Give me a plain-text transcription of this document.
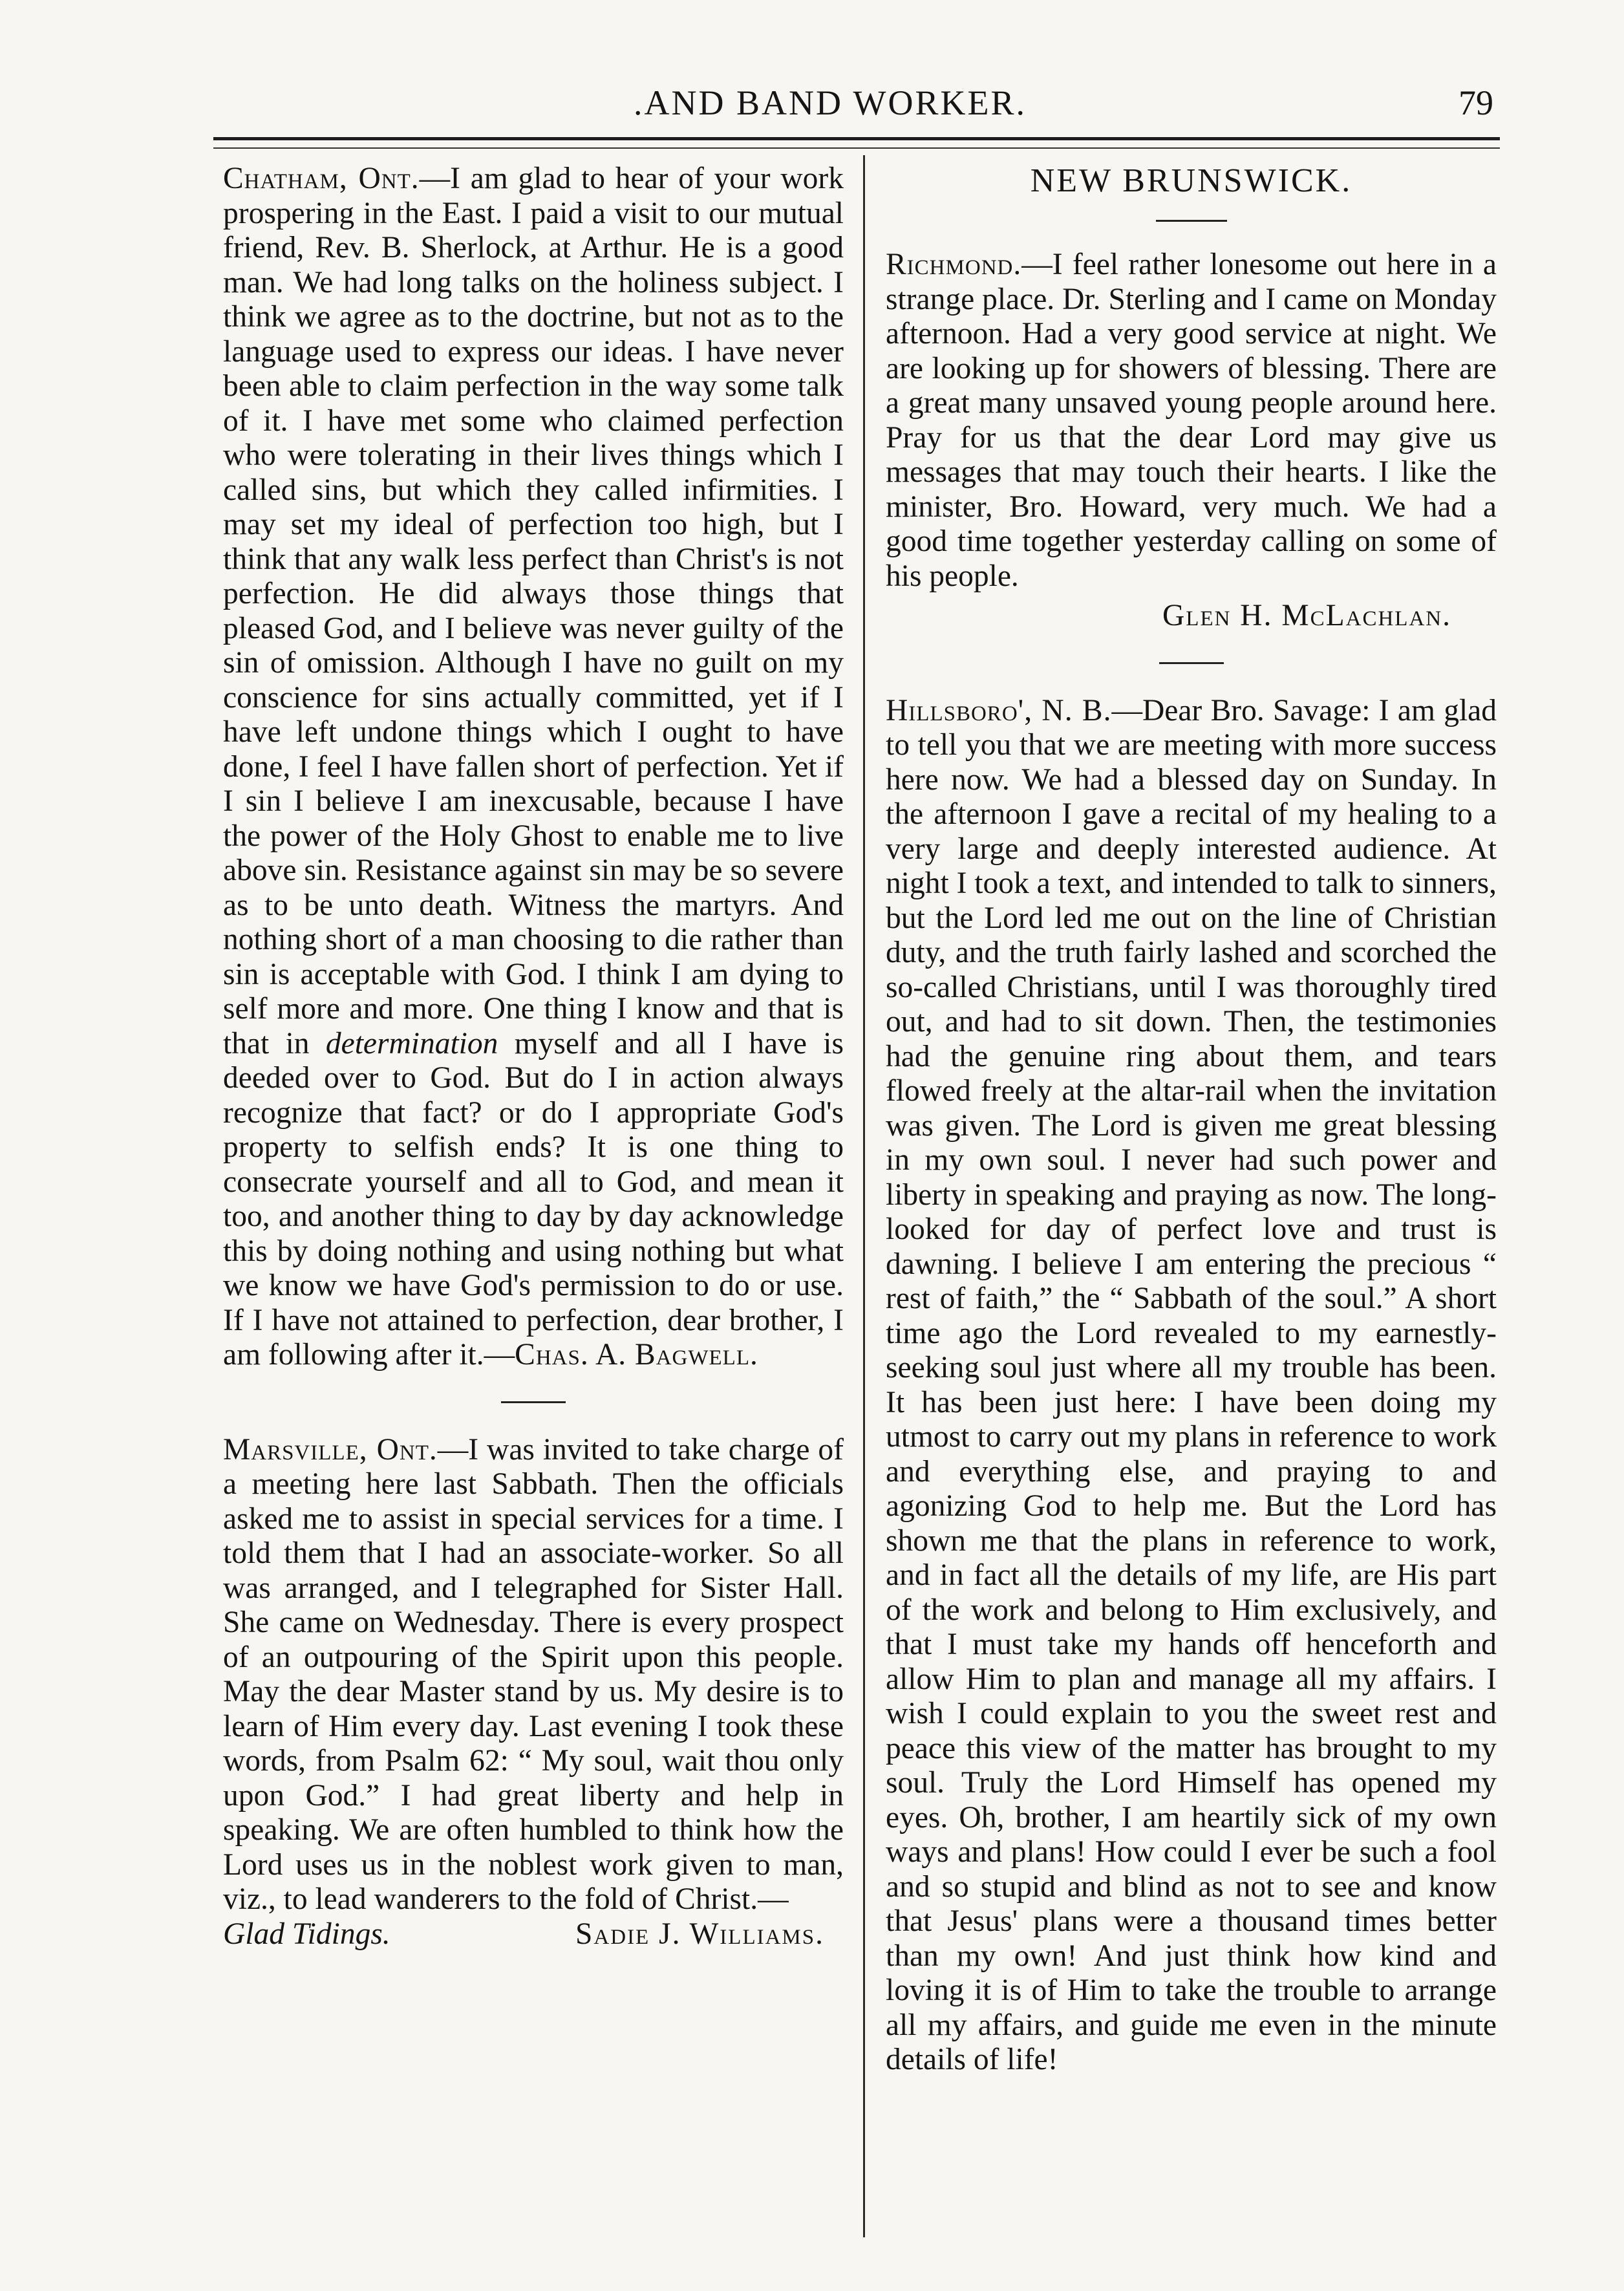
.AND BAND WORKER.	79

Chatham, Ont.—I am glad to hear of your work prospering in the East. I paid a visit to our mutual friend, Rev. B. Sherlock, at Arthur. He is a good man. We had long talks on the holiness subject. I think we agree as to the doctrine, but not as to the language used to express our ideas. I have never been able to claim perfection in the way some talk of it. I have met some who claimed perfection who were tolerating in their lives things which I called sins, but which they called infirmities. I may set my ideal of perfection too high, but I think that any walk less perfect than Christ's is not perfection. He did always those things that pleased God, and I believe was never guilty of the sin of omission. Although I have no guilt on my conscience for sins actually committed, yet if I have left undone things which I ought to have done, I feel I have fallen short of perfection. Yet if I sin I believe I am inexcusable, because I have the power of the Holy Ghost to enable me to live above sin. Resistance against sin may be so severe as to be unto death. Witness the martyrs. And nothing short of a man choosing to die rather than sin is acceptable with God. I think I am dying to self more and more. One thing I know and that is that in determination myself and all I have is deeded over to God. But do I in action always recognize that fact? or do I appropriate God's property to selfish ends? It is one thing to consecrate yourself and all to God, and mean it too, and another thing to day by day acknowledge this by doing nothing and using nothing but what we know we have God's permission to do or use. If I have not attained to perfection, dear brother, I am following after it.—Chas. A. Bagwell.

Marsville, Ont.—I was invited to take charge of a meeting here last Sabbath. Then the officials asked me to assist in special services for a time. I told them that I had an associate-worker. So all was arranged, and I telegraphed for Sister Hall. She came on Wednesday. There is every prospect of an outpouring of the Spirit upon this people. May the dear Master stand by us. My desire is to learn of Him every day. Last evening I took these words, from Psalm 62: “ My soul, wait thou only upon God.” I had great liberty and help in speaking. We are often humbled to think how the Lord uses us in the noblest work given to man, viz., to lead wanderers to the fold of Christ.—

Glad Tidings.	Sadie J. Williams.
NEW BRUNSWICK.

Richmond.—I feel rather lonesome out here in a strange place. Dr. Sterling and I came on Monday afternoon. Had a very good service at night. We are looking up for showers of blessing. There are a great many unsaved young people around here. Pray for us that the dear Lord may give us messages that may touch their hearts. I like the minister, Bro. Howard, very much. We had a good time together yesterday calling on some of his people.

Glen H. McLachlan.

Hillsboro', N. B.—Dear Bro. Savage: I am glad to tell you that we are meeting with more success here now. We had a blessed day on Sunday. In the afternoon I gave a recital of my healing to a very large and deeply interested audience. At night I took a text, and intended to talk to sinners, but the Lord led me out on the line of Christian duty, and the truth fairly lashed and scorched the so-called Christians, until I was thoroughly tired out, and had to sit down. Then, the testimonies had the genuine ring about them, and tears flowed freely at the altar-rail when the invitation was given. The Lord is given me great blessing in my own soul. I never had such power and liberty in speaking and praying as now. The long-looked for day of perfect love and trust is dawning. I believe I am entering the precious “ rest of faith,” the “ Sabbath of the soul.” A short time ago the Lord revealed to my earnestly-seeking soul just where all my trouble has been. It has been just here: I have been doing my utmost to carry out my plans in reference to work and everything else, and praying to and agonizing God to help me. But the Lord has shown me that the plans in reference to work, and in fact all the details of my life, are His part of the work and belong to Him exclusively, and that I must take my hands off henceforth and allow Him to plan and manage all my affairs. I wish I could explain to you the sweet rest and peace this view of the matter has brought to my soul. Truly the Lord Himself has opened my eyes. Oh, brother, I am heartily sick of my own ways and plans! How could I ever be such a fool and so stupid and blind as not to see and know that Jesus' plans were a thousand times better than my own! And just think how kind and loving it is of Him to take the trouble to arrange all my affairs, and guide me even in the minute details of life!
